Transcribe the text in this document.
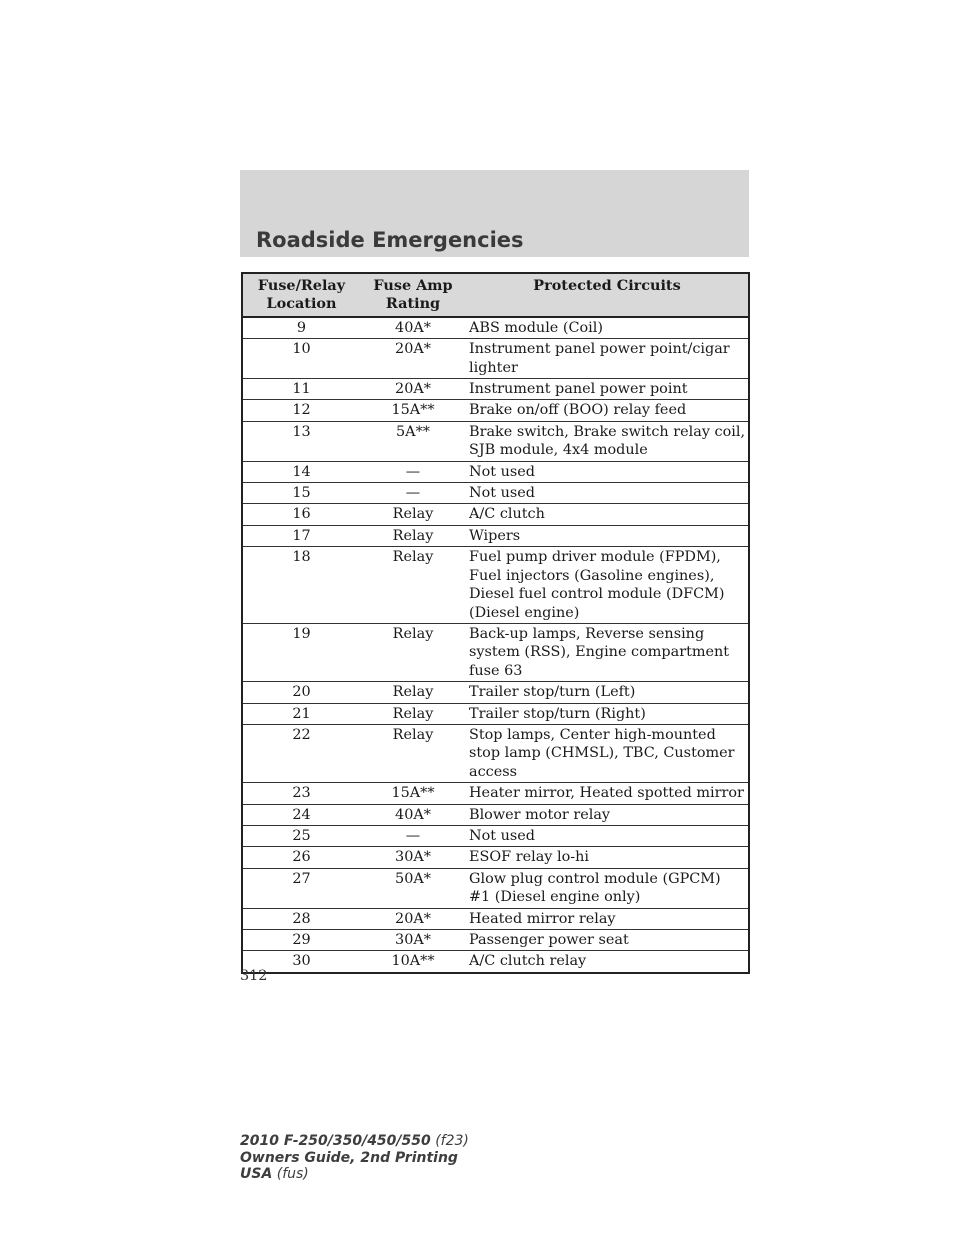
Roadside Emergencies
Fuse/Relay Location	Fuse Amp Rating	Protected Circuits
9	40A*	ABS module (Coil)
10	20A*	Instrument panel power point/cigar lighter
11	20A*	Instrument panel power point
12	15A**	Brake on/off (BOO) relay feed
13	5A**	Brake switch, Brake switch relay coil, SJB module, 4x4 module
14	—	Not used
15	—	Not used
16	Relay	A/C clutch
17	Relay	Wipers
18	Relay	Fuel pump driver module (FPDM), Fuel injectors (Gasoline engines), Diesel fuel control module (DFCM) (Diesel engine)
19	Relay	Back-up lamps, Reverse sensing system (RSS), Engine compartment fuse 63
20	Relay	Trailer stop/turn (Left)
21	Relay	Trailer stop/turn (Right)
22	Relay	Stop lamps, Center high-mounted stop lamp (CHMSL), TBC, Customer access
23	15A**	Heater mirror, Heated spotted mirror
24	40A*	Blower motor relay
25	—	Not used
26	30A*	ESOF relay lo-hi
27	50A*	Glow plug control module (GPCM) #1 (Diesel engine only)
28	20A*	Heated mirror relay
29	30A*	Passenger power seat
30	10A**	A/C clutch relay
312
2010 F-250/350/450/550 (f23)
Owners Guide, 2nd Printing
USA (fus)
